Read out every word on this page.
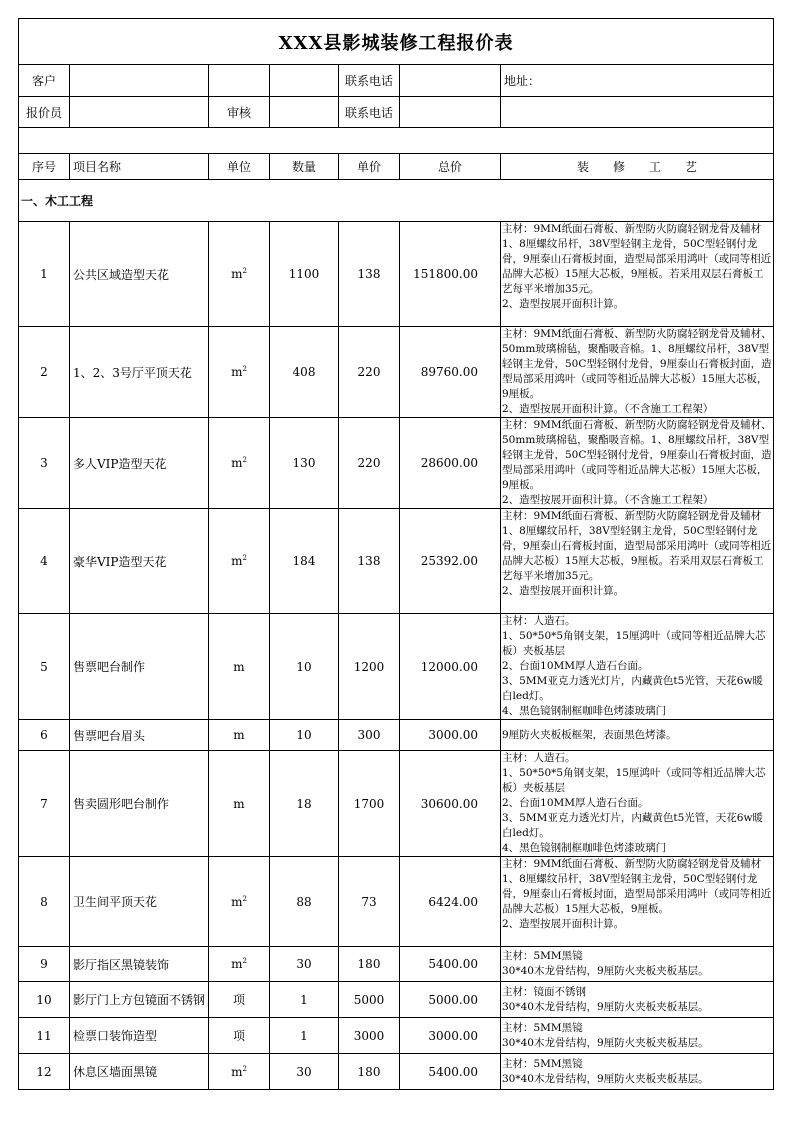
XXX县影城装修工程报价表						
客户				联系电话		地址：
报价员		审核		联系电话		

序号	项目名称	单位	数量	单价	总价	装　　修　　工　　艺
一、木工工程						
1	公共区域造型天花	$m^2$	1100	138	151800.00	主材：9MM纸面石膏板、新型防火防腐轻钢龙骨及辅材
1、8厘螺纹吊杆，38V型轻钢主龙骨，50C型轻钢付龙骨，9厘泰山石膏板封面，造型局部采用鸿叶（或同等相近品牌大芯板）15厘大芯板，9厘板。若采用双层石膏板工艺每平米增加35元。
2、造型按展开面积计算。
2	1、2、3号厅平顶天花	$m^2$	408	220	89760.00	主材：9MM纸面石膏板、新型防火防腐轻钢龙骨及辅材、50mm玻璃棉毡，聚酯吸音棉。1、8厘螺纹吊杆，38V型轻钢主龙骨，50C型轻钢付龙骨，9厘泰山石膏板封面，造型局部采用鸿叶（或同等相近品牌大芯板）15厘大芯板，9厘板。
2、造型按展开面积计算。（不含施工工程架）
3	多人VIP造型天花	$m^2$	130	220	28600.00	主材：9MM纸面石膏板、新型防火防腐轻钢龙骨及辅材、50mm玻璃棉毡，聚酯吸音棉。1、8厘螺纹吊杆，38V型轻钢主龙骨，50C型轻钢付龙骨，9厘泰山石膏板封面，造型局部采用鸿叶（或同等相近品牌大芯板）15厘大芯板，9厘板。
2、造型按展开面积计算。（不含施工工程架）
4	豪华VIP造型天花	$m^2$	184	138	25392.00	主材：9MM纸面石膏板、新型防火防腐轻钢龙骨及辅材
1、8厘螺纹吊杆，38V型轻钢主龙骨，50C型轻钢付龙骨，9厘泰山石膏板封面，造型局部采用鸿叶（或同等相近品牌大芯板）15厘大芯板，9厘板。若采用双层石膏板工艺每平米增加35元。
2、造型按展开面积计算。
5	售票吧台制作	m	10	1200	12000.00	主材：人造石。
1、50*50*5角钢支架，15厘鸿叶（或同等相近品牌大芯板）夹板基层
2、台面10MM厚人造石台面。
3、5MM亚克力透光灯片，内藏黄色t5光管，天花6w暖白led灯。
4、黑色镜钢制框咖啡色烤漆玻璃门
6	售票吧台眉头	m	10	300	3000.00	9厘防火夹板板框架，表面黑色烤漆。
7	售卖圆形吧台制作	m	18	1700	30600.00	主材：人造石。
1、50*50*5角钢支架，15厘鸿叶（或同等相近品牌大芯板）夹板基层
2、台面10MM厚人造石台面。
3、5MM亚克力透光灯片，内藏黄色t5光管，天花6w暖白led灯。
4、黑色镜钢制框咖啡色烤漆玻璃门
8	卫生间平顶天花	$m^2$	88	73	6424.00	主材：9MM纸面石膏板、新型防火防腐轻钢龙骨及辅材
1、8厘螺纹吊杆，38V型轻钢主龙骨，50C型轻钢付龙骨，9厘泰山石膏板封面，造型局部采用鸿叶（或同等相近品牌大芯板）15厘大芯板，9厘板。
2、造型按展开面积计算。
9	影厅指区黑镜装饰	$m^2$	30	180	5400.00	主材：5MM黑镜
30*40木龙骨结构，9厘防火夹板夹板基层。
10	影厅门上方包镜面不锈钢	项	1	5000	5000.00	主材：镜面不锈钢
30*40木龙骨结构，9厘防火夹板夹板基层。
11	检票口装饰造型	项	1	3000	3000.00	主材：5MM黑镜
30*40木龙骨结构，9厘防火夹板夹板基层。
12	休息区墙面黑镜	$m^2$	30	180	5400.00	主材：5MM黑镜
30*40木龙骨结构，9厘防火夹板夹板基层。
